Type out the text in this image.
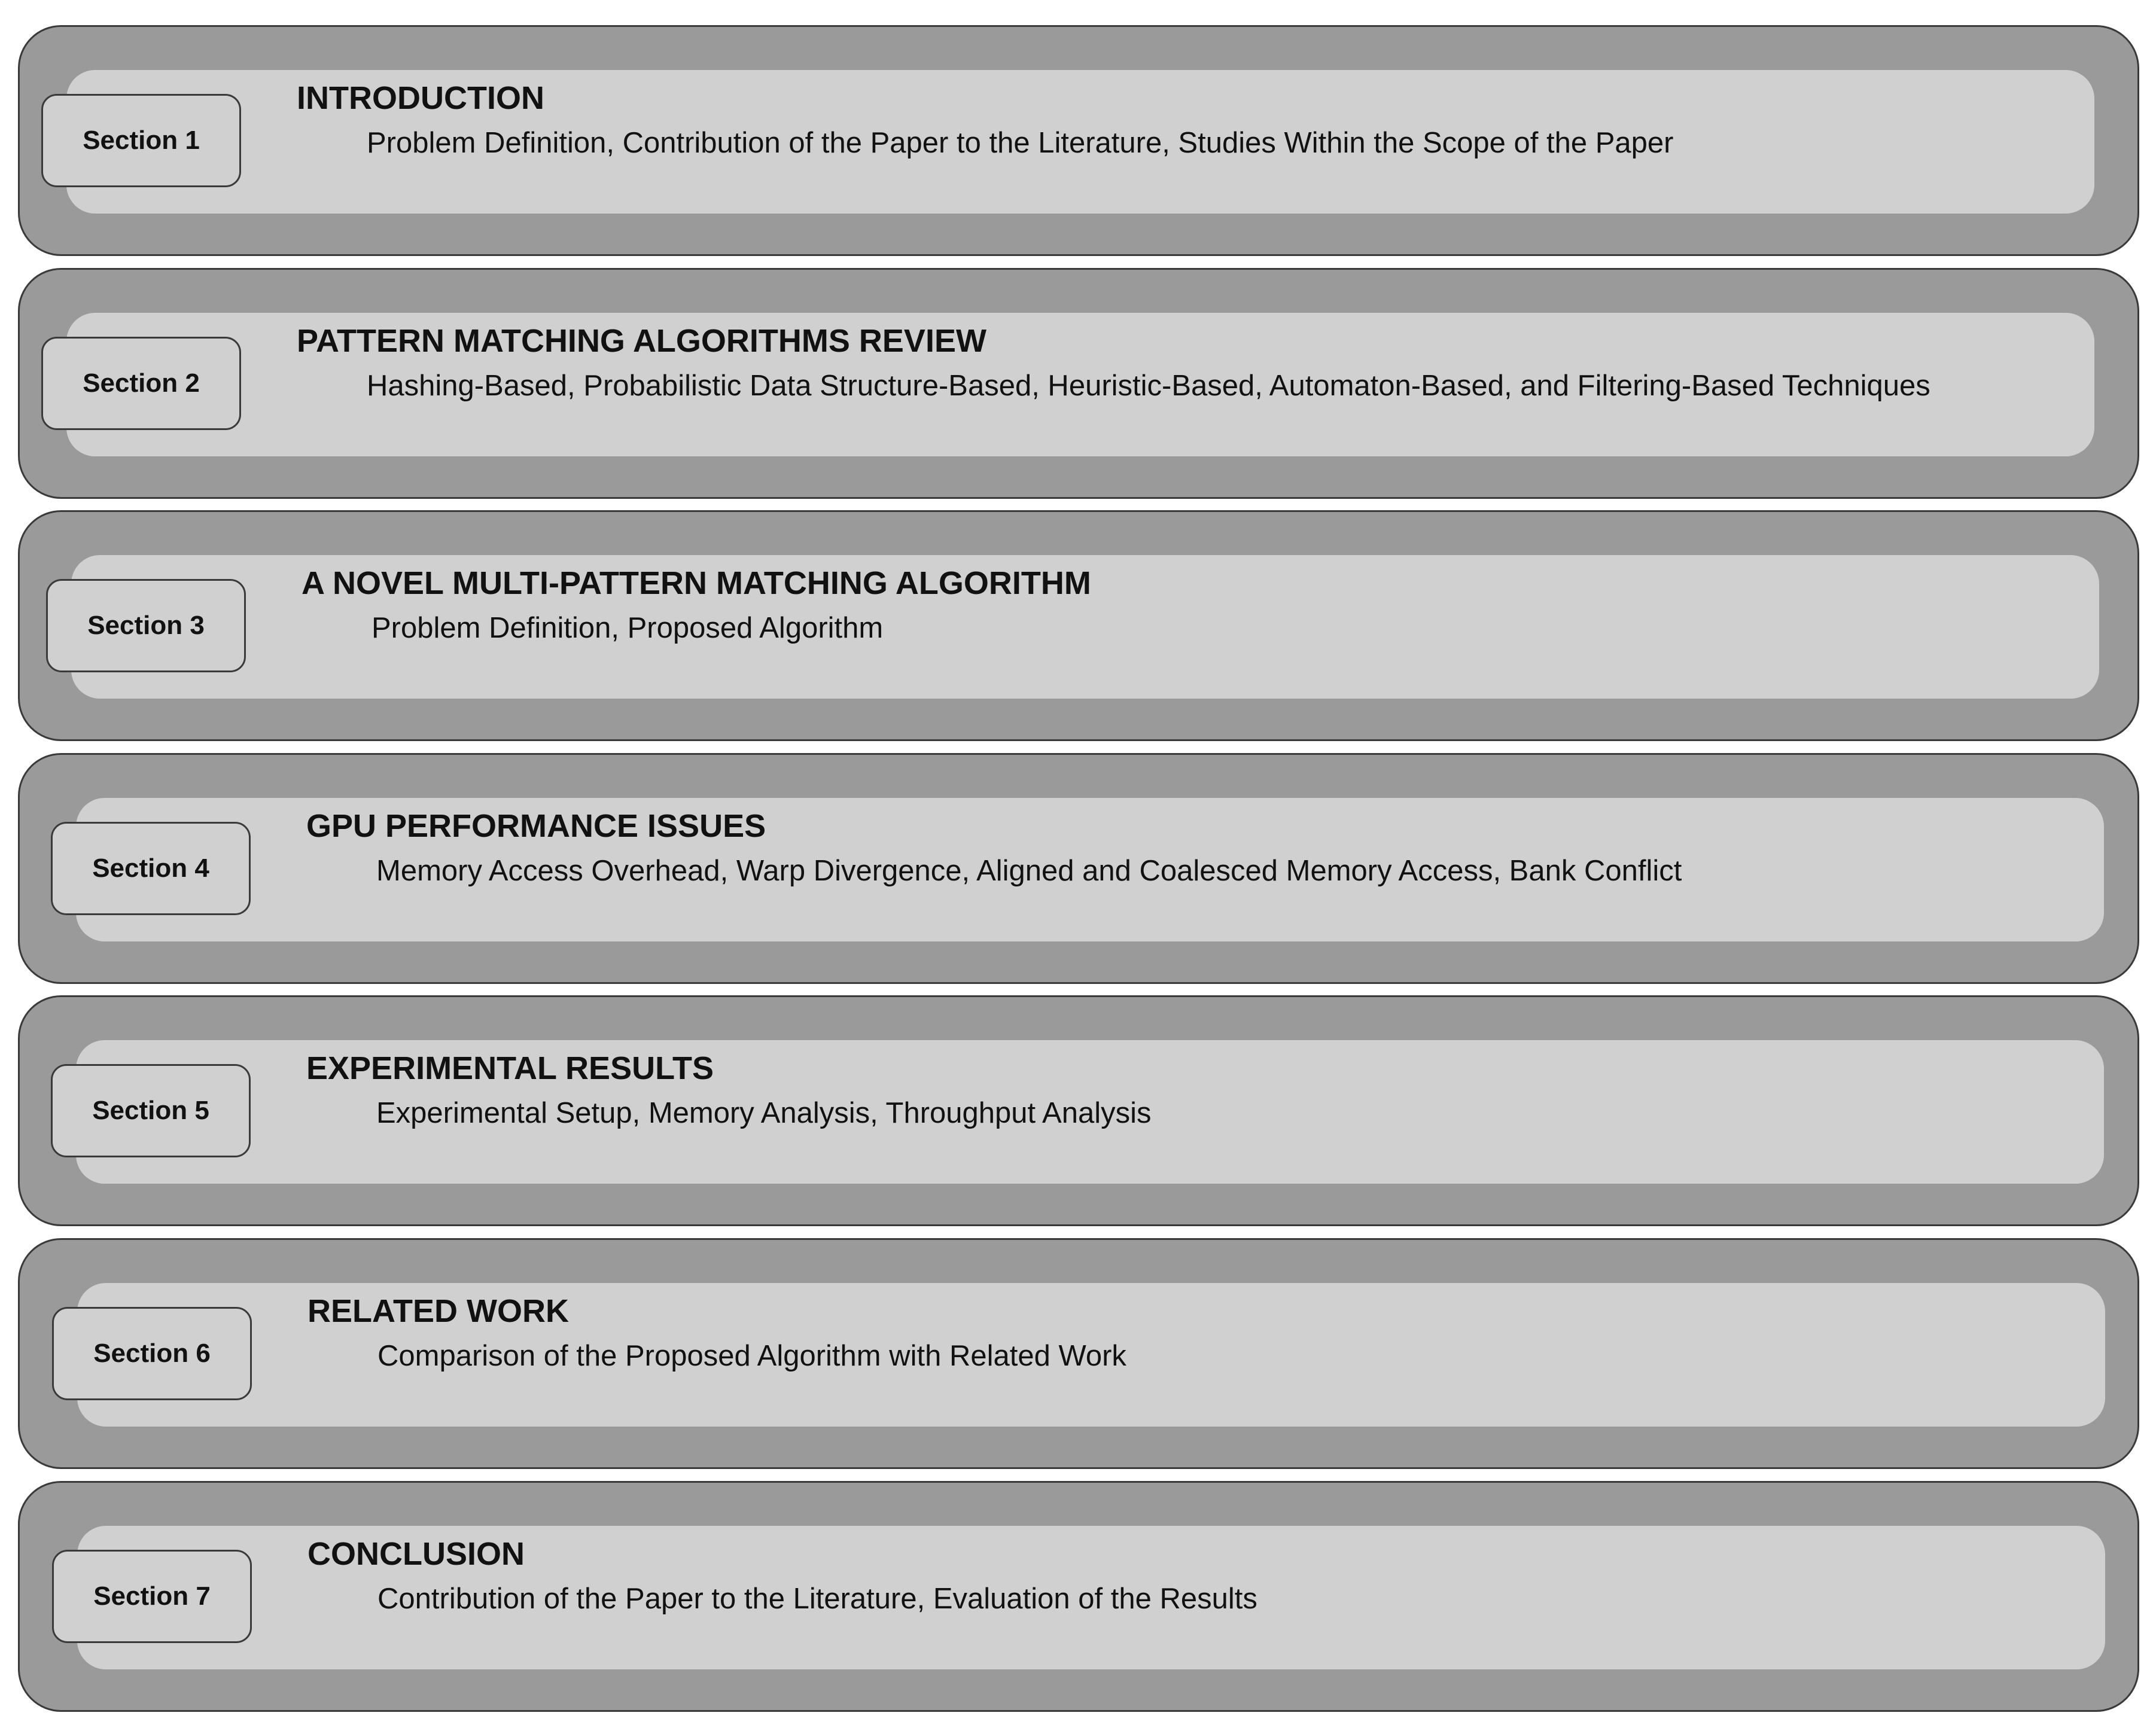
Section 1
INTRODUCTION
Problem Definition, Contribution of the Paper to the Literature, Studies Within the Scope of the Paper
Section 2
PATTERN MATCHING ALGORITHMS REVIEW
Hashing-Based, Probabilistic Data Structure-Based, Heuristic-Based, Automaton-Based, and Filtering-Based Techniques
Section 3
A NOVEL MULTI-PATTERN MATCHING ALGORITHM
Problem Definition, Proposed Algorithm
Section 4
GPU PERFORMANCE ISSUES
Memory Access Overhead, Warp Divergence, Aligned and Coalesced Memory Access, Bank Conflict
Section 5
EXPERIMENTAL RESULTS
Experimental Setup, Memory Analysis, Throughput Analysis
Section 6
RELATED WORK
Comparison of the Proposed Algorithm with Related Work
Section 7
CONCLUSION
Contribution of the Paper to the Literature, Evaluation of the Results
